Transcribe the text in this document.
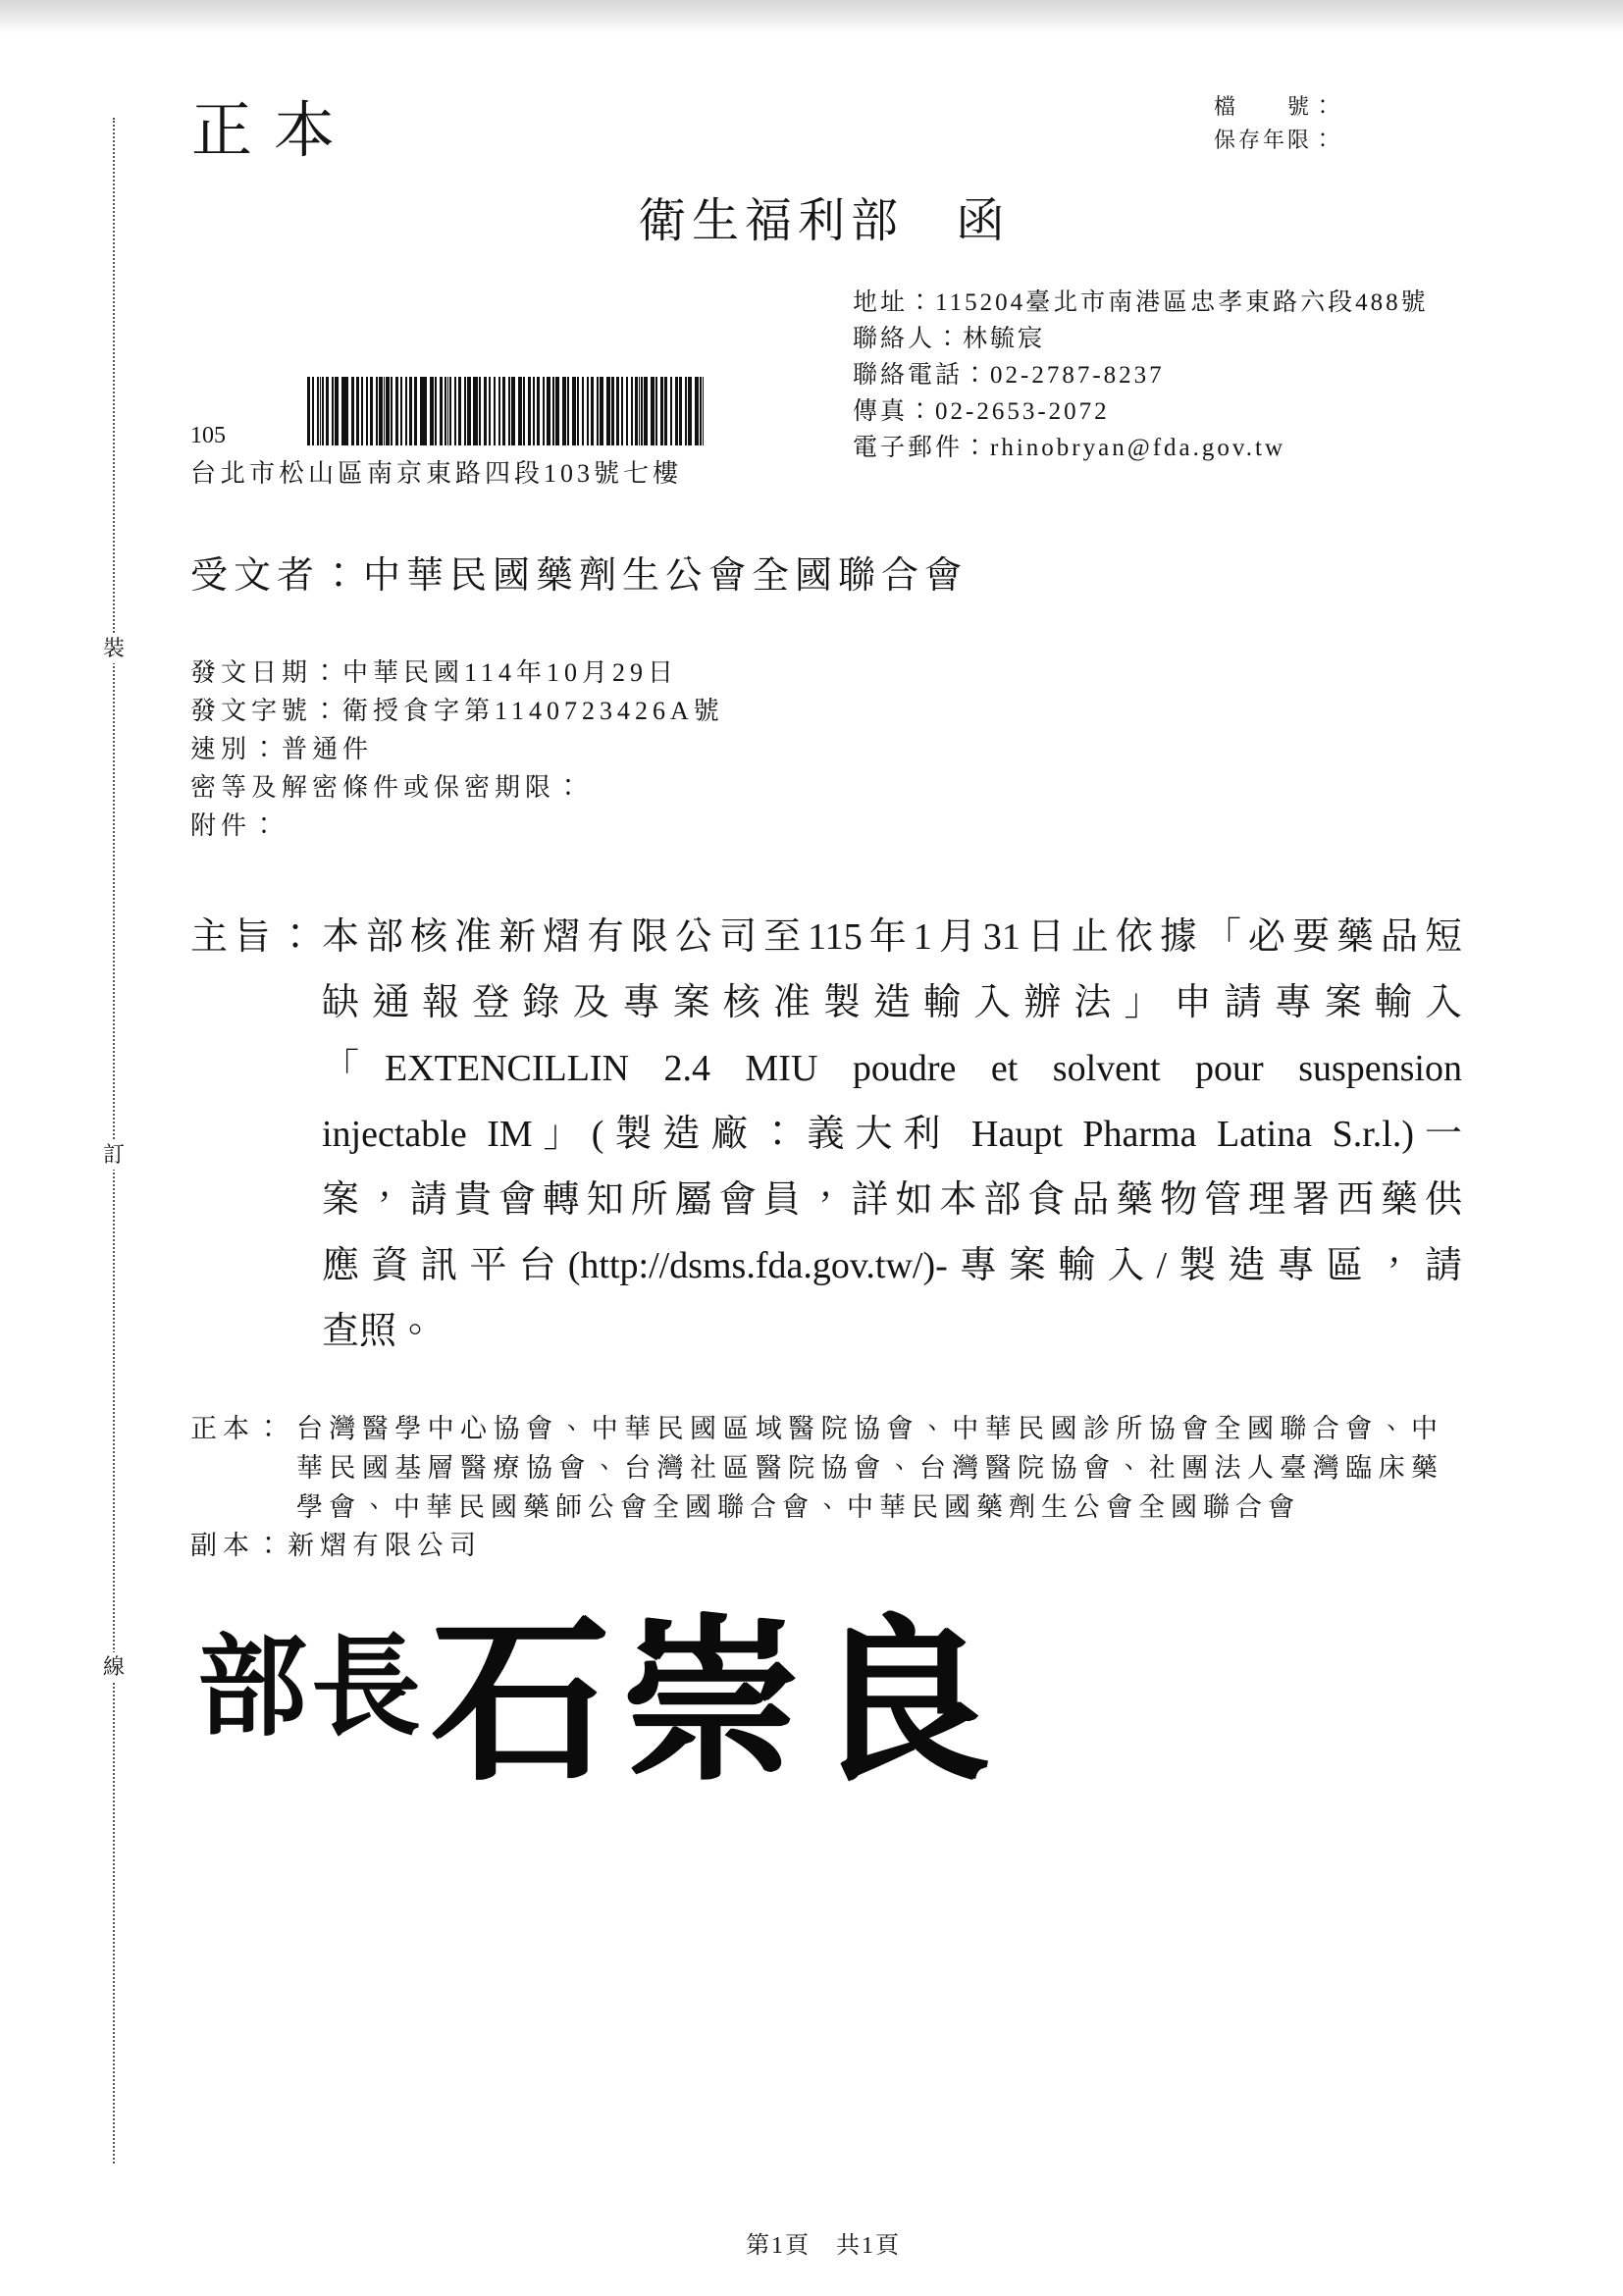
裝
訂
線
正本	檔　　號：
保存年限：
衛生福利部　函
地址：115204臺北市南港區忠孝東路六段488號
聯絡人：林毓宸
聯絡電話：02-2787-8237
傳真：02-2653-2072
電子郵件：rhinobryan@fda.gov.tw
105
台北市松山區南京東路四段103號七樓
受文者：中華民國藥劑生公會全國聯合會
發文日期：中華民國114年10月29日
發文字號：衛授食字第1140723426A號
速別：普通件
密等及解密條件或保密期限：
附件：
主旨： 本部核准新熠有限公司至115年1月31日止依據「必要藥品短
缺通報登錄及專案核准製造輸入辦法」申請專案輸入
「EXTENCILLIN 2.4 MIU poudre et solvent pour suspension
injectable IM」(製造廠：義大利 Haupt Pharma Latina S.r.l.)一
案，請貴會轉知所屬會員，詳如本部食品藥物管理署西藥供
應資訊平台(http://dsms.fda.gov.tw/)-專案輸入/製造專區，請
查照。
正本： 台灣醫學中心協會、中華民國區域醫院協會、中華民國診所協會全國聯合會、中
華民國基層醫療協會、台灣社區醫院協會、台灣醫院協會、社團法人臺灣臨床藥
學會、中華民國藥師公會全國聯合會、中華民國藥劑生公會全國聯合會
副本：新熠有限公司
部長 石崇良
第1頁　共1頁
